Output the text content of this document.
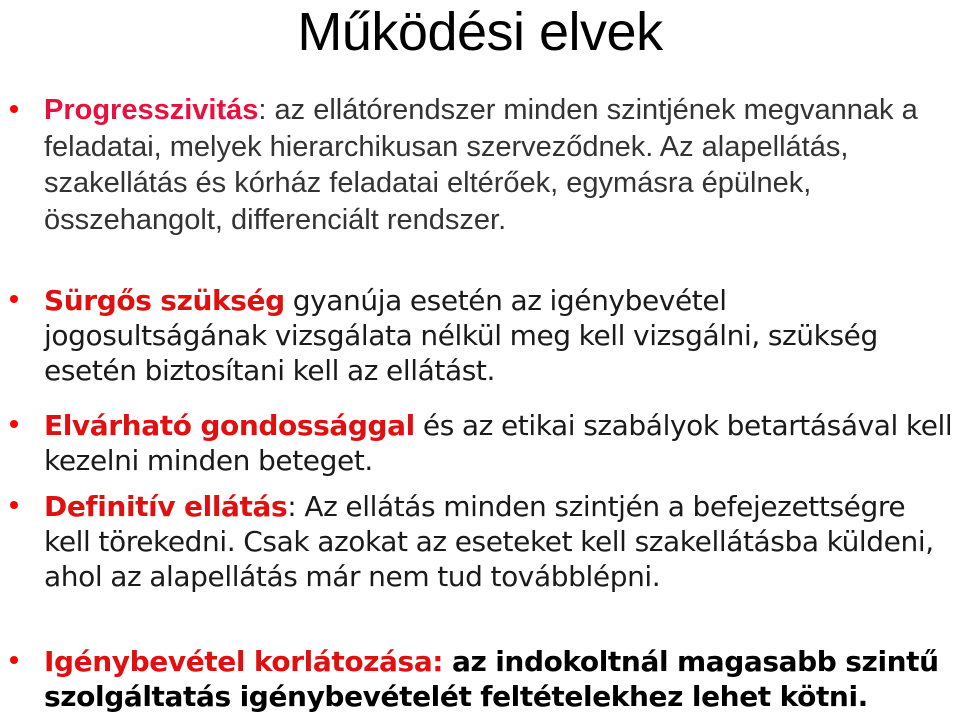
Működési elvek
Progresszivitás: az ellátórendszer minden szintjének megvannak a feladatai, melyek hierarchikusan szerveződnek. Az alapellátás, szakellátás és kórház feladatai eltérőek, egymásra épülnek, összehangolt, differenciált rendszer.
Sürgős szükség gyanúja esetén az igénybevétel jogosultságának vizsgálata nélkül meg kell vizsgálni, szükség esetén biztosítani kell az ellátást.
Elvárható gondossággal és az etikai szabályok betartásával kell kezelni minden beteget.
Definitív ellátás: Az ellátás minden szintjén a befejezettségre kell törekedni. Csak azokat az eseteket kell szakellátásba küldeni, ahol az alapellátás már nem tud továbblépni.
Igénybevétel korlátozása: az indokoltnál magasabb szintű szolgáltatás igénybevételét feltételekhez lehet kötni.
